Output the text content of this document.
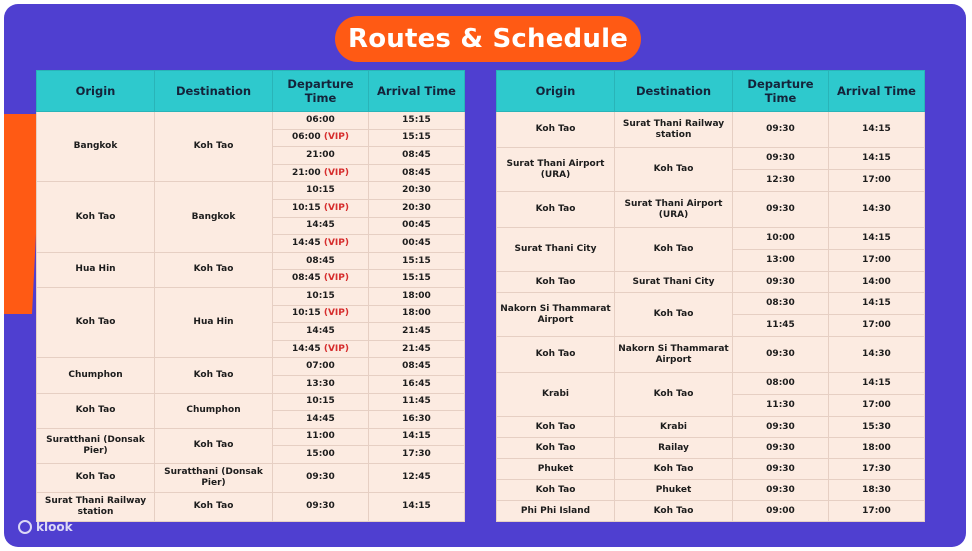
Routes & Schedule
Origin	Destination	Departure Time	Arrival Time
Bangkok	Koh Tao	06:00	15:15
		06:00 (VIP)	15:15
		21:00	08:45
		21:00 (VIP)	08:45
Koh Tao	Bangkok	10:15	20:30
		10:15 (VIP)	20:30
		14:45	00:45
		14:45 (VIP)	00:45
Hua Hin	Koh Tao	08:45	15:15
		08:45 (VIP)	15:15
Koh Tao	Hua Hin	10:15	18:00
		10:15 (VIP)	18:00
		14:45	21:45
		14:45 (VIP)	21:45
Chumphon	Koh Tao	07:00	08:45
		13:30	16:45
Koh Tao	Chumphon	10:15	11:45
		14:45	16:30
Suratthani (Donsak Pier)	Koh Tao	11:00	14:15
		15:00	17:30
Koh Tao	Suratthani (Donsak Pier)	09:30	12:45
Surat Thani Railway station	Koh Tao	09:30	14:15
Origin	Destination	Departure Time	Arrival Time
Koh Tao	Surat Thani Railway station	09:30	14:15
Surat Thani Airport (URA)	Koh Tao	09:30	14:15
		12:30	17:00
Koh Tao	Surat Thani Airport (URA)	09:30	14:30
Surat Thani City	Koh Tao	10:00	14:15
		13:00	17:00
Koh Tao	Surat Thani City	09:30	14:00
Nakorn Si Thammarat Airport	Koh Tao	08:30	14:15
		11:45	17:00
Koh Tao	Nakorn Si Thammarat Airport	09:30	14:30
Krabi	Koh Tao	08:00	14:15
		11:30	17:00
Koh Tao	Krabi	09:30	15:30
Koh Tao	Railay	09:30	18:00
Phuket	Koh Tao	09:30	17:30
Koh Tao	Phuket	09:30	18:30
Phi Phi Island	Koh Tao	09:00	17:00
klook
